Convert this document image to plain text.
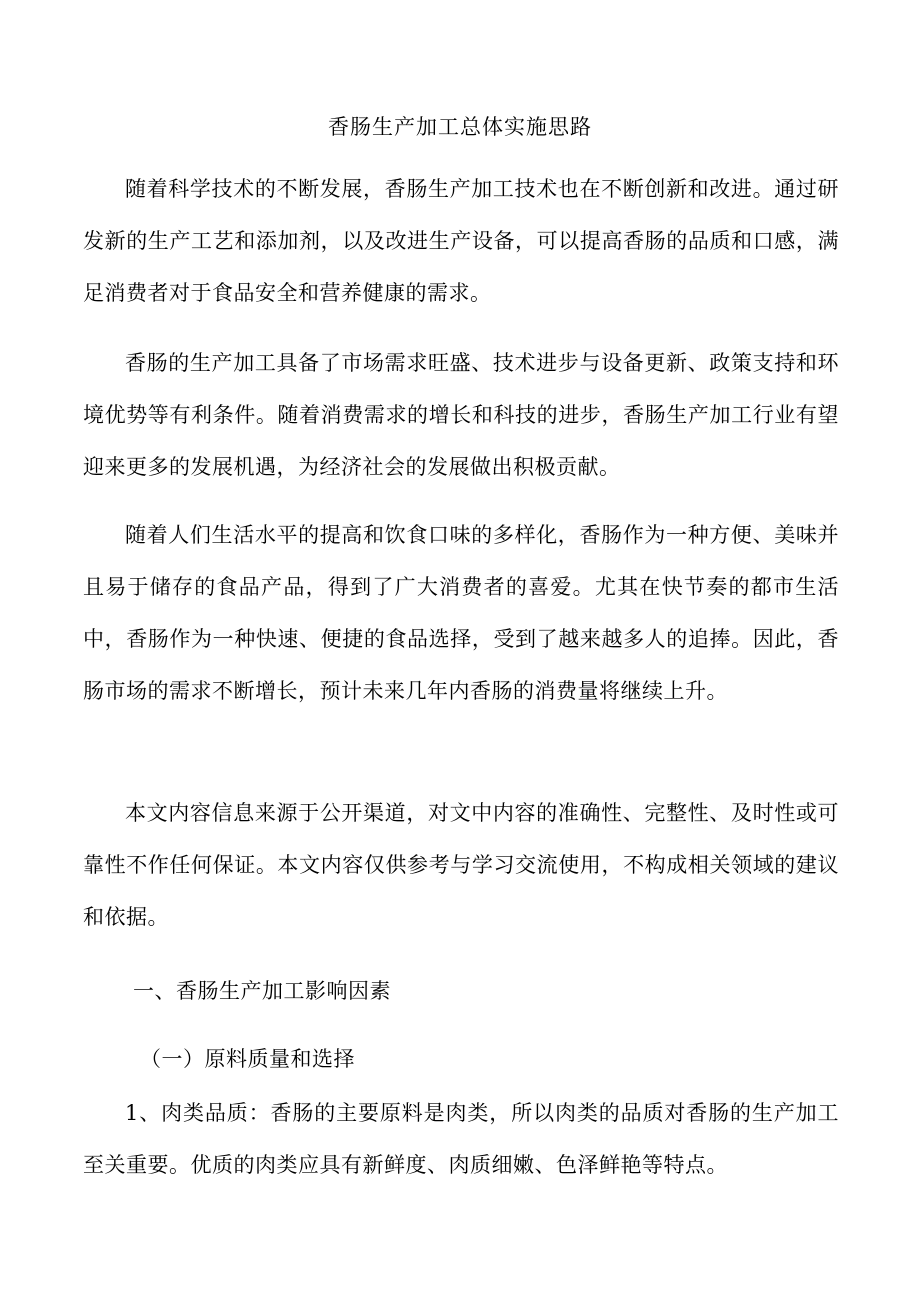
香肠生产加工总体实施思路

随着科学技术的不断发展，香肠生产加工技术也在不断创新和改进。通过研发新的生产工艺和添加剂，以及改进生产设备，可以提高香肠的品质和口感，满足消费者对于食品安全和营养健康的需求。

香肠的生产加工具备了市场需求旺盛、技术进步与设备更新、政策支持和环境优势等有利条件。随着消费需求的增长和科技的进步，香肠生产加工行业有望迎来更多的发展机遇，为经济社会的发展做出积极贡献。

随着人们生活水平的提高和饮食口味的多样化，香肠作为一种方便、美味并且易于储存的食品产品，得到了广大消费者的喜爱。尤其在快节奏的都市生活中，香肠作为一种快速、便捷的食品选择，受到了越来越多人的追捧。因此，香肠市场的需求不断增长，预计未来几年内香肠的消费量将继续上升。

本文内容信息来源于公开渠道，对文中内容的准确性、完整性、及时性或可靠性不作任何保证。本文内容仅供参考与学习交流使用，不构成相关领域的建议和依据。

一、香肠生产加工影响因素
（一）原料质量和选择

1、肉类品质：香肠的主要原料是肉类，所以肉类的品质对香肠的生产加工至关重要。优质的肉类应具有新鲜度、肉质细嫩、色泽鲜艳等特点。
